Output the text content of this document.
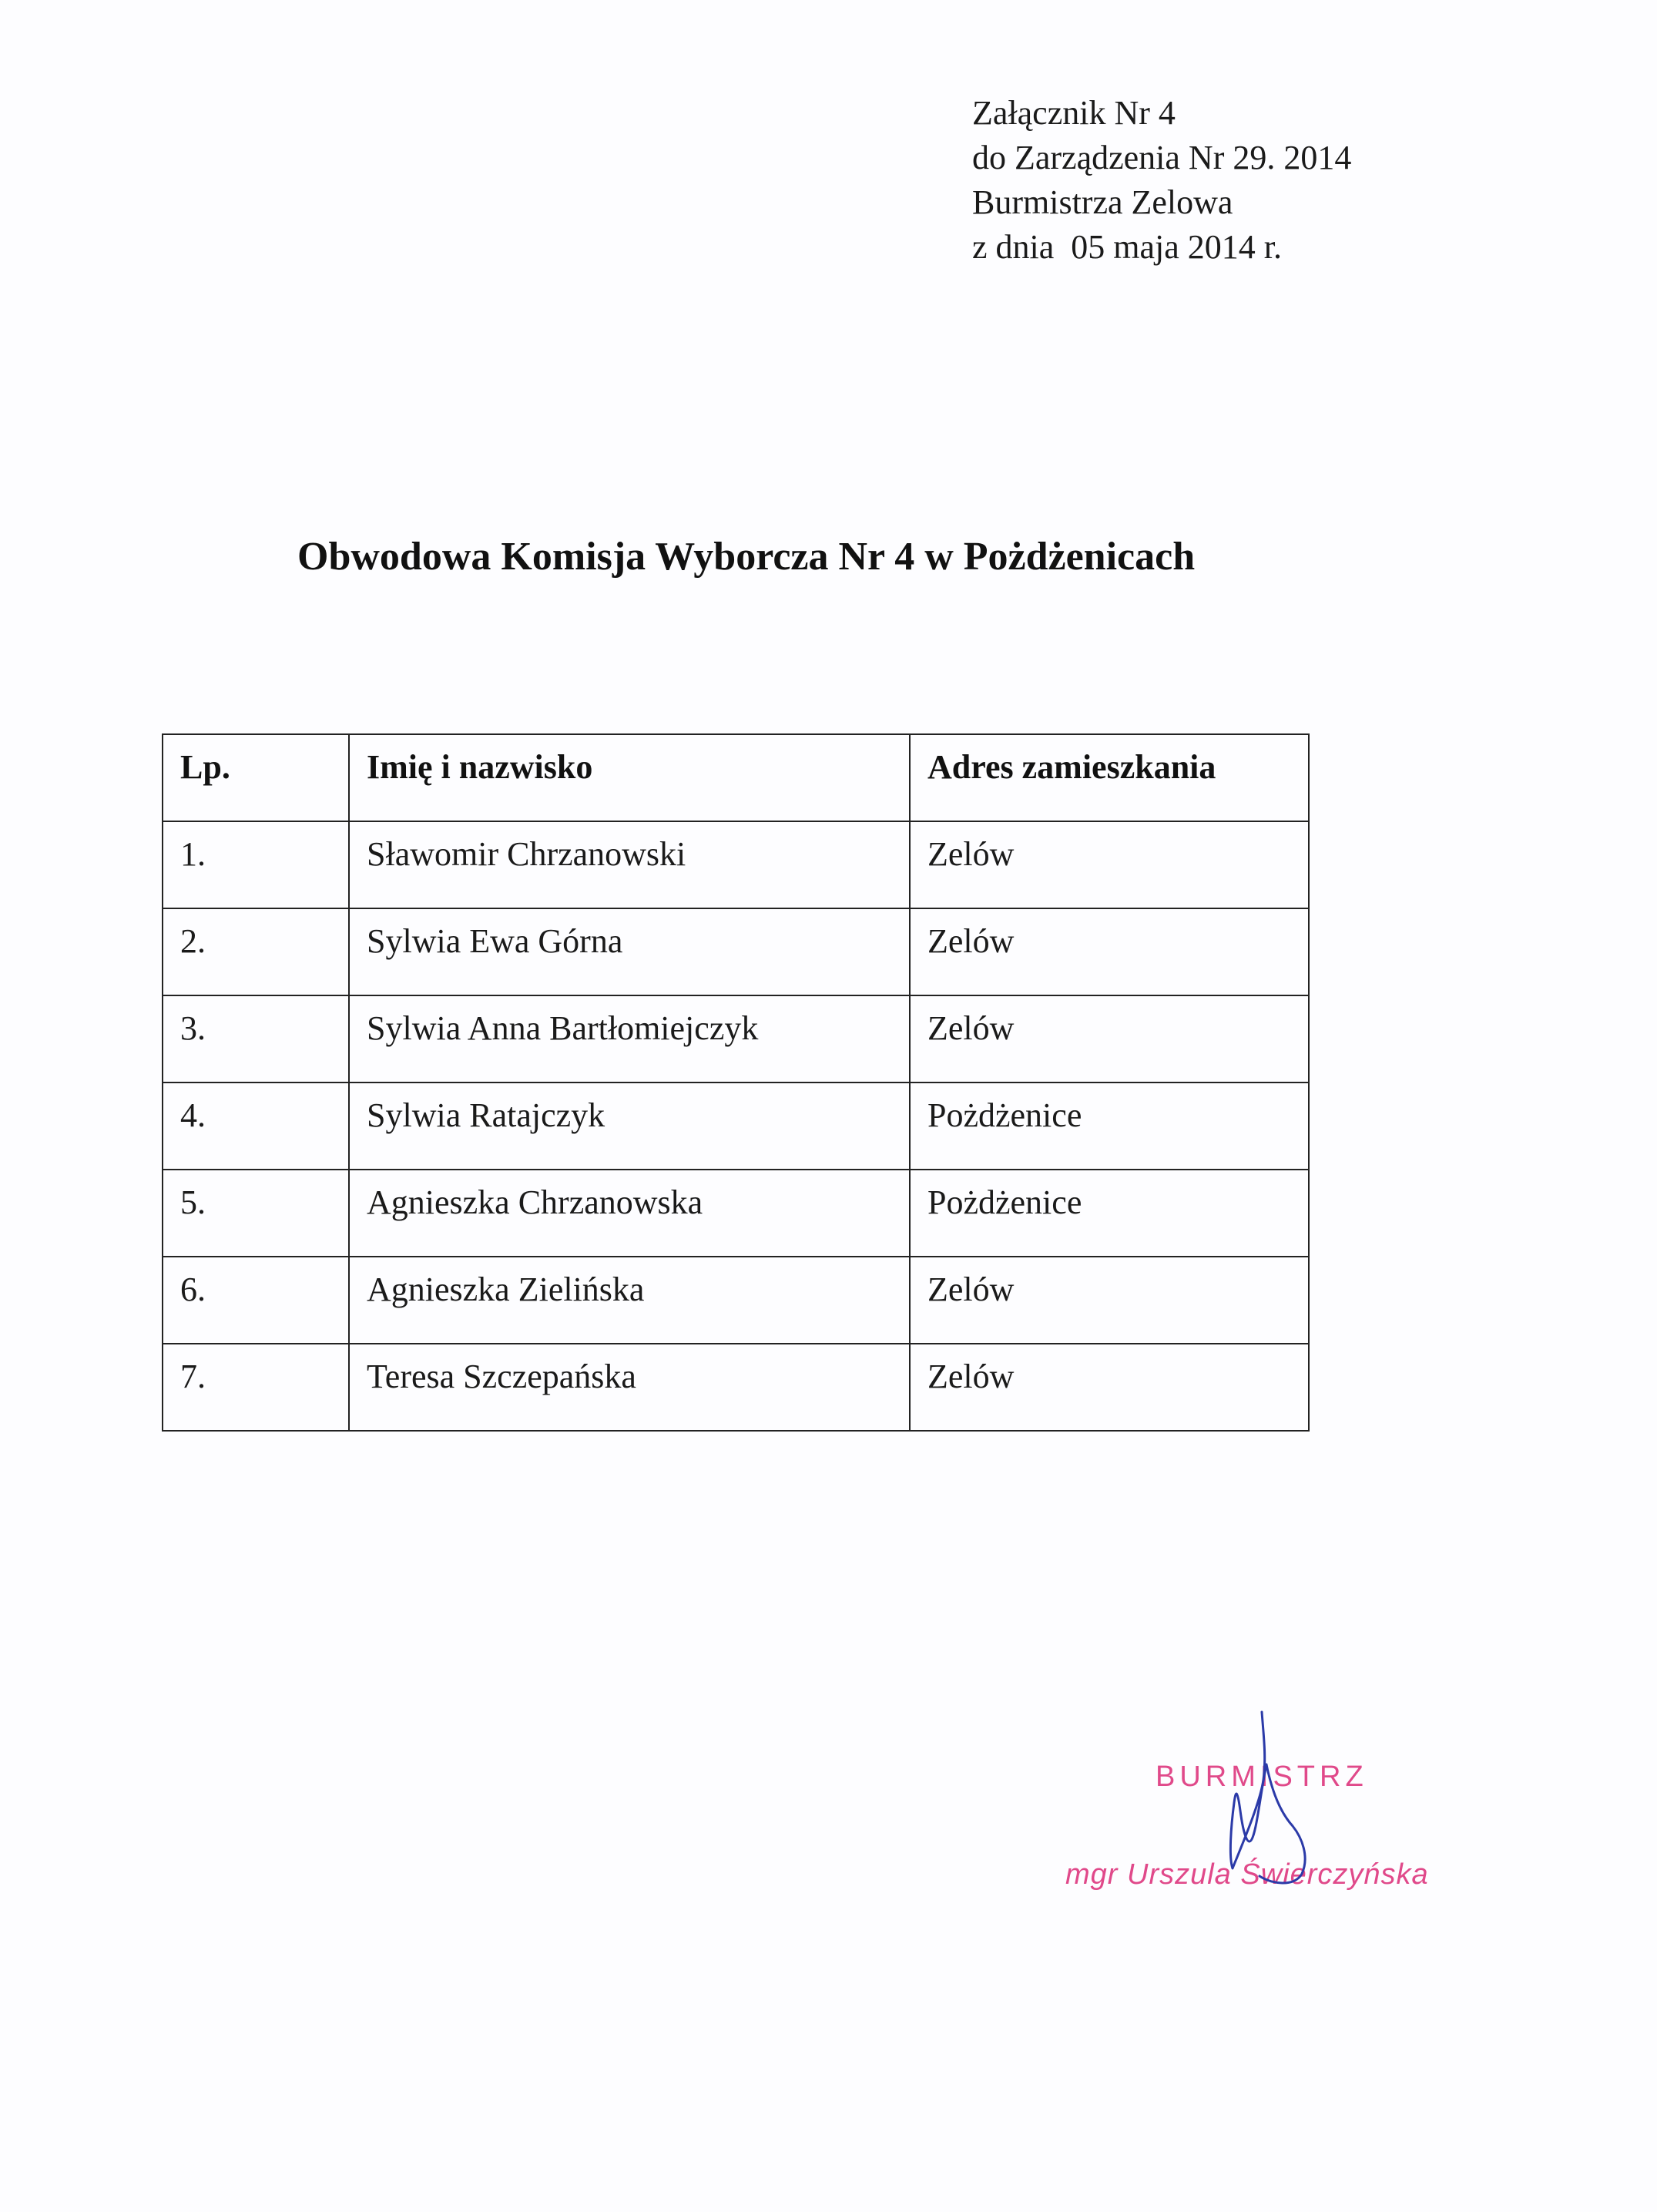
Załącznik Nr 4
do Zarządzenia Nr 29. 2014
Burmistrza Zelowa
z dnia  05 maja 2014 r.
Obwodowa Komisja Wyborcza Nr 4 w Pożdżenicach
Lp.	Imię i nazwisko	Adres zamieszkania
1.	Sławomir Chrzanowski	Zelów
2.	Sylwia Ewa Górna	Zelów
3.	Sylwia Anna Bartłomiejczyk	Zelów
4.	Sylwia Ratajczyk	Pożdżenice
5.	Agnieszka Chrzanowska	Pożdżenice
6.	Agnieszka Zielińska	Zelów
7.	Teresa Szczepańska	Zelów
BURMISTRZ
mgr Urszula Świerczyńska
